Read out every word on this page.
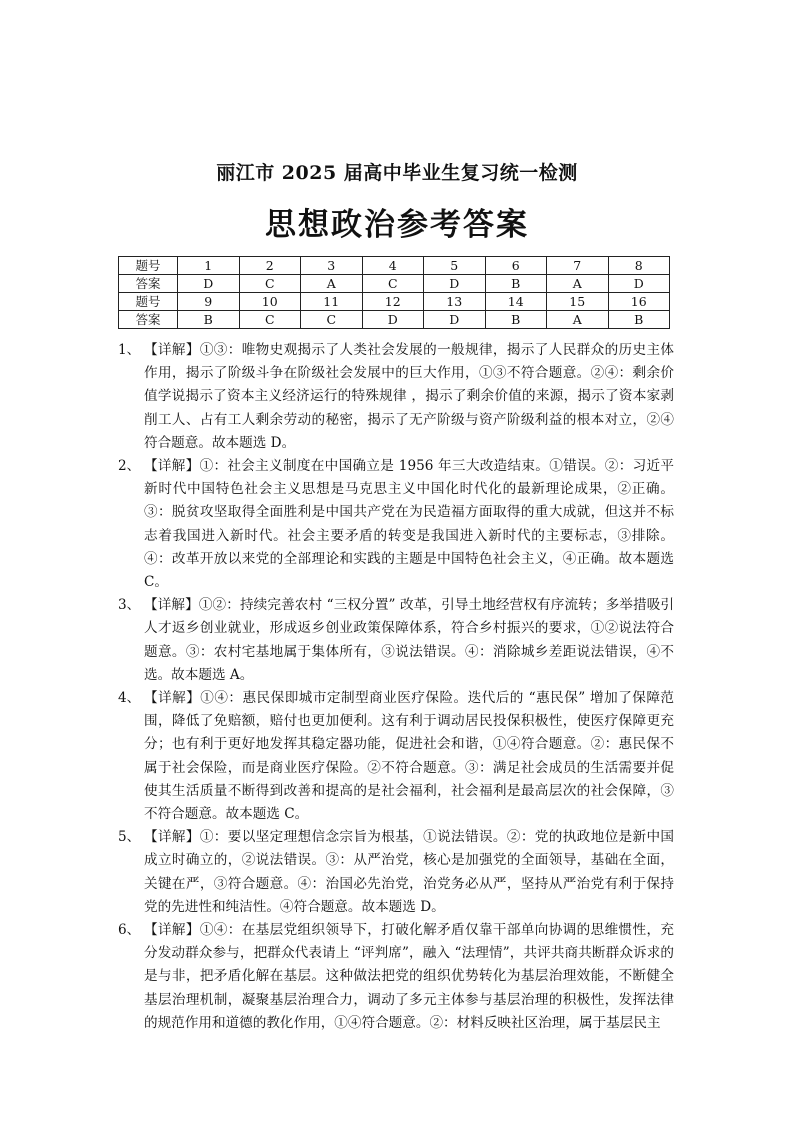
丽江市 2025 届高中毕业生复习统一检测
思想政治参考答案
题号	1	2	3	4	5	6	7	8
答案	D	C	A	C	D	B	A	D
题号	9	10	11	12	13	14	15	16
答案	B	C	C	D	D	B	A	B
1、 【详解】①③：唯物史观揭示了人类社会发展的一般规律，揭示了人民群众的历史主体作用，揭示了阶级斗争在阶级社会发展中的巨大作用，①③不符合题意。②④：剩余价值学说揭示了资本主义经济运行的特殊规律 ，揭示了剩余价值的来源，揭示了资本家剥削工人、占有工人剩余劳动的秘密，揭示了无产阶级与资产阶级利益的根本对立，②④符合题意。故本题选 D。
2、 【详解】①：社会主义制度在中国确立是 1956 年三大改造结束。①错误。②：习近平新时代中国特色社会主义思想是马克思主义中国化时代化的最新理论成果，②正确。③：脱贫攻坚取得全面胜利是中国共产党在为民造福方面取得的重大成就，但这并不标志着我国进入新时代。社会主要矛盾的转变是我国进入新时代的主要标志，③排除。④：改革开放以来党的全部理论和实践的主题是中国特色社会主义，④正确。故本题选 C。
3、 【详解】①②：持续完善农村 “三权分置” 改革，引导土地经营权有序流转；多举措吸引人才返乡创业就业，形成返乡创业政策保障体系，符合乡村振兴的要求，①②说法符合题意。③：农村宅基地属于集体所有，③说法错误。④：消除城乡差距说法错误，④不选。故本题选 A。
4、 【详解】①④：惠民保即城市定制型商业医疗保险。迭代后的 “惠民保” 增加了保障范围，降低了免赔额，赔付也更加便利。这有利于调动居民投保积极性，使医疗保障更充分；也有利于更好地发挥其稳定器功能，促进社会和谐，①④符合题意。②：惠民保不属于社会保险，而是商业医疗保险。②不符合题意。③：满足社会成员的生活需要并促使其生活质量不断得到改善和提高的是社会福利，社会福利是最高层次的社会保障，③不符合题意。故本题选 C。
5、 【详解】①：要以坚定理想信念宗旨为根基，①说法错误。②：党的执政地位是新中国成立时确立的，②说法错误。③：从严治党，核心是加强党的全面领导，基础在全面，关键在严，③符合题意。④：治国必先治党，治党务必从严，坚持从严治党有利于保持党的先进性和纯洁性。④符合题意。故本题选 D。
6、 【详解】①④：在基层党组织领导下，打破化解矛盾仅靠干部单向协调的思维惯性，充分发动群众参与，把群众代表请上 “评判席”，融入 “法理情”，共评共商共断群众诉求的是与非，把矛盾化解在基层。这种做法把党的组织优势转化为基层治理效能，不断健全基层治理机制，凝聚基层治理合力，调动了多元主体参与基层治理的积极性，发挥法律的规范作用和道德的教化作用，①④符合题意。②：材料反映社区治理，属于基层民主
